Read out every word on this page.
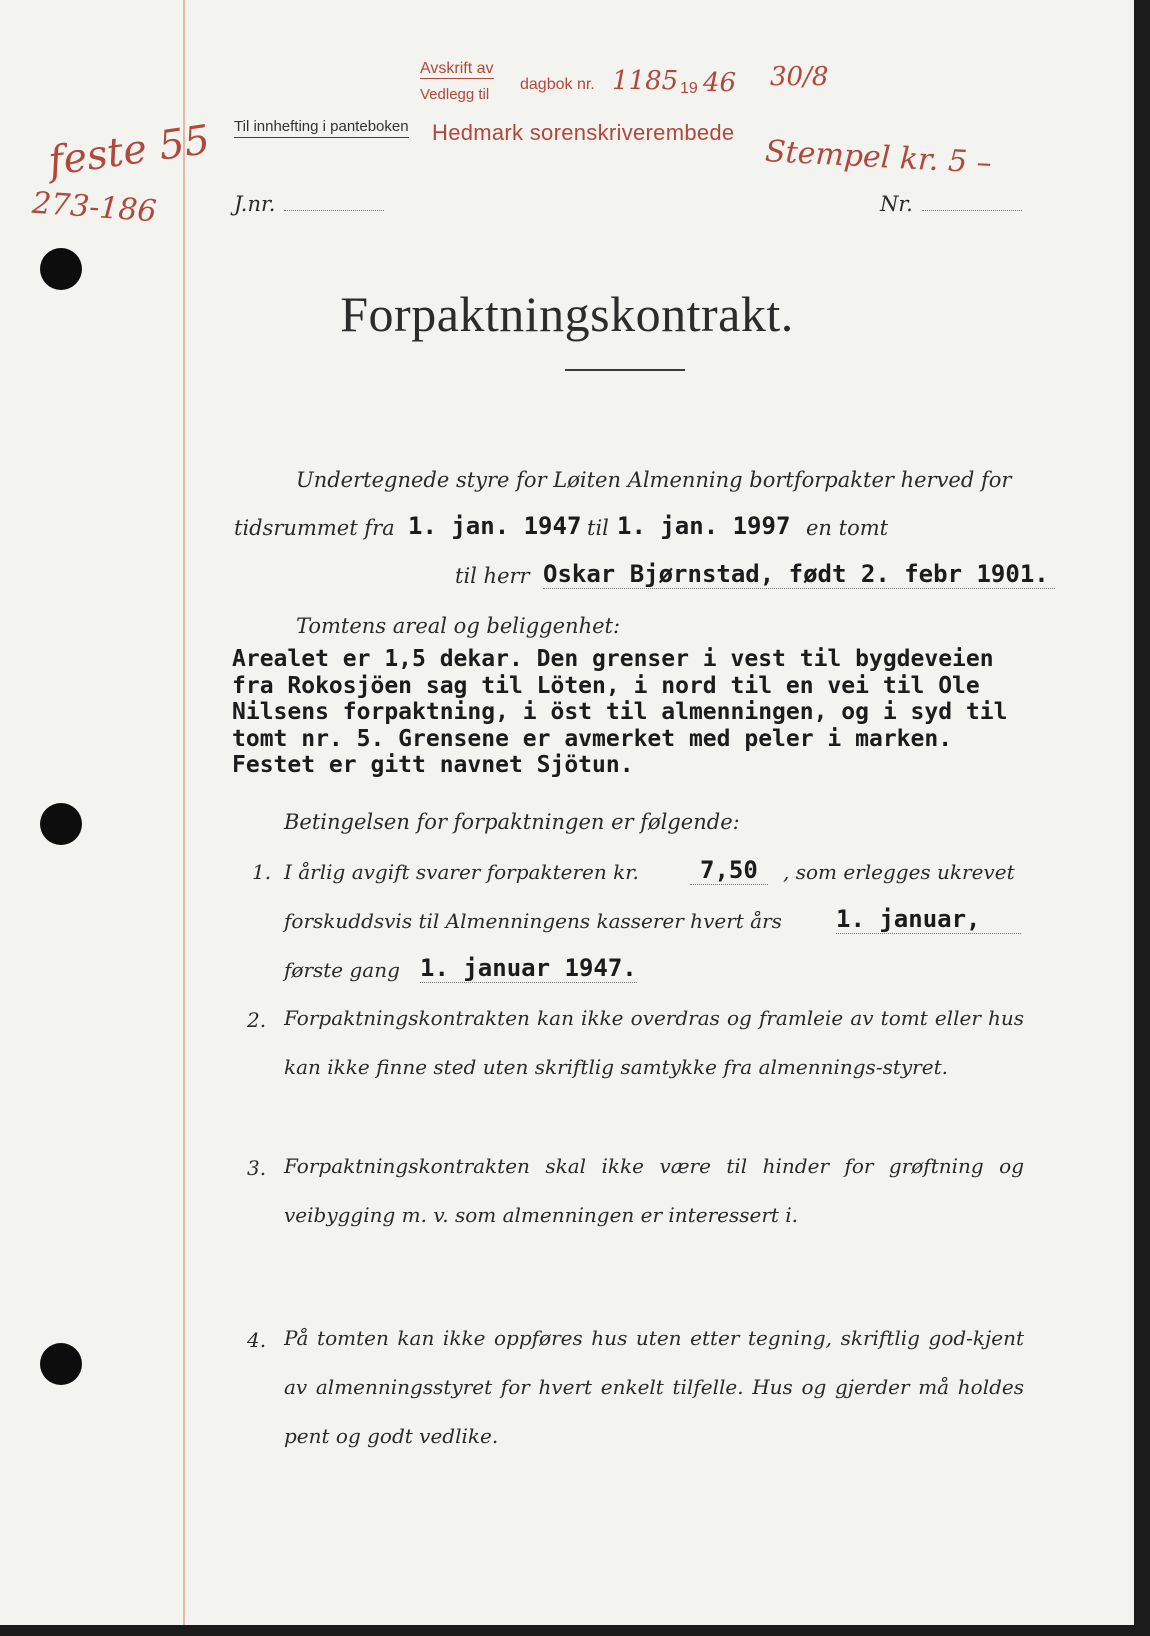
feste 55
273-186
Avskrift av
Vedlegg til
dagbok nr. 1185 19 46 30/8
Til innhefting i panteboken Hedmark sorenskriverembede
Stempel kr. 5 –
J.nr.	Nr.
Forpaktningskontrakt.
Undertegnede styre for Løiten Almenning bortforpakter herved for
tidsrummet fra 1. jan. 1947 til 1. jan. 1997 en tomt
til herr Oskar Bjørnstad, født 2. febr 1901.
Tomtens areal og beliggenhet:
Arealet er 1,5 dekar. Den grenser i vest til bygdeveien
fra Rokosjöen sag til Löten, i nord til en vei til Ole
Nilsens forpaktning, i öst til almenningen, og i syd til
tomt nr. 5. Grensene er avmerket med peler i marken.
Festet er gitt navnet Sjötun.
Betingelsen for forpaktningen er følgende:
1. I årlig avgift svarer forpakteren kr.	7,50	, som erlegges ukrevet
forskuddsvis til Almenningens kasserer hvert års 1. januar,
første gang 1. januar 1947.
2. Forpaktningskontrakten kan ikke overdras og framleie av tomt eller hus kan ikke finne sted uten skriftlig samtykke fra almennings-styret.
3. Forpaktningskontrakten skal ikke være til hinder for grøftning og veibygging m. v. som almenningen er interessert i.
4. På tomten kan ikke oppføres hus uten etter tegning, skriftlig god-kjent av almenningsstyret for hvert enkelt tilfelle. Hus og gjerder må holdes pent og godt vedlike.
